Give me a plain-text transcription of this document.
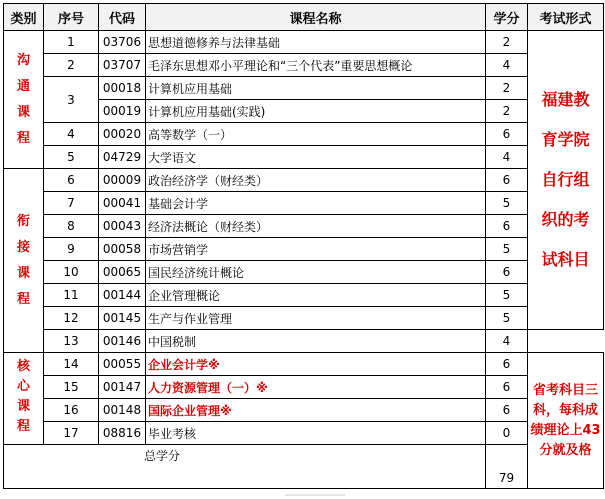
类别	序号	代码	课程名称	学分	考试形式
沟通课程	1	03706	思想道德修养与法律基础	2	福建教育学院自行组织的考试科目
	2	03707	毛泽东思想邓小平理论和“三个代表”重要思想概论	4	
	3	00018	计算机应用基础	2	
		00019	计算机应用基础(实践)	2	
	4	00020	高等数学（一）	6	
	5	04729	大学语文	4	
衔接课程	6	00009	政治经济学（财经类）	6	
	7	00041	基础会计学	5	
	8	00043	经济法概论（财经类）	6	
	9	00058	市场营销学	5	
	10	00065	国民经济统计概论	6	
	11	00144	企业管理概论	5	
	12	00145	生产与作业管理	5	
	13	00146	中国税制	4	
核心课程	14	00055	企业会计学※	6	省考科目三科，每科成绩理论上43分就及格
	15	00147	人力资源管理（一）※	6	
	16	00148	国际企业管理※	6	
	17	08816	毕业考核	0	
总学分				79	
